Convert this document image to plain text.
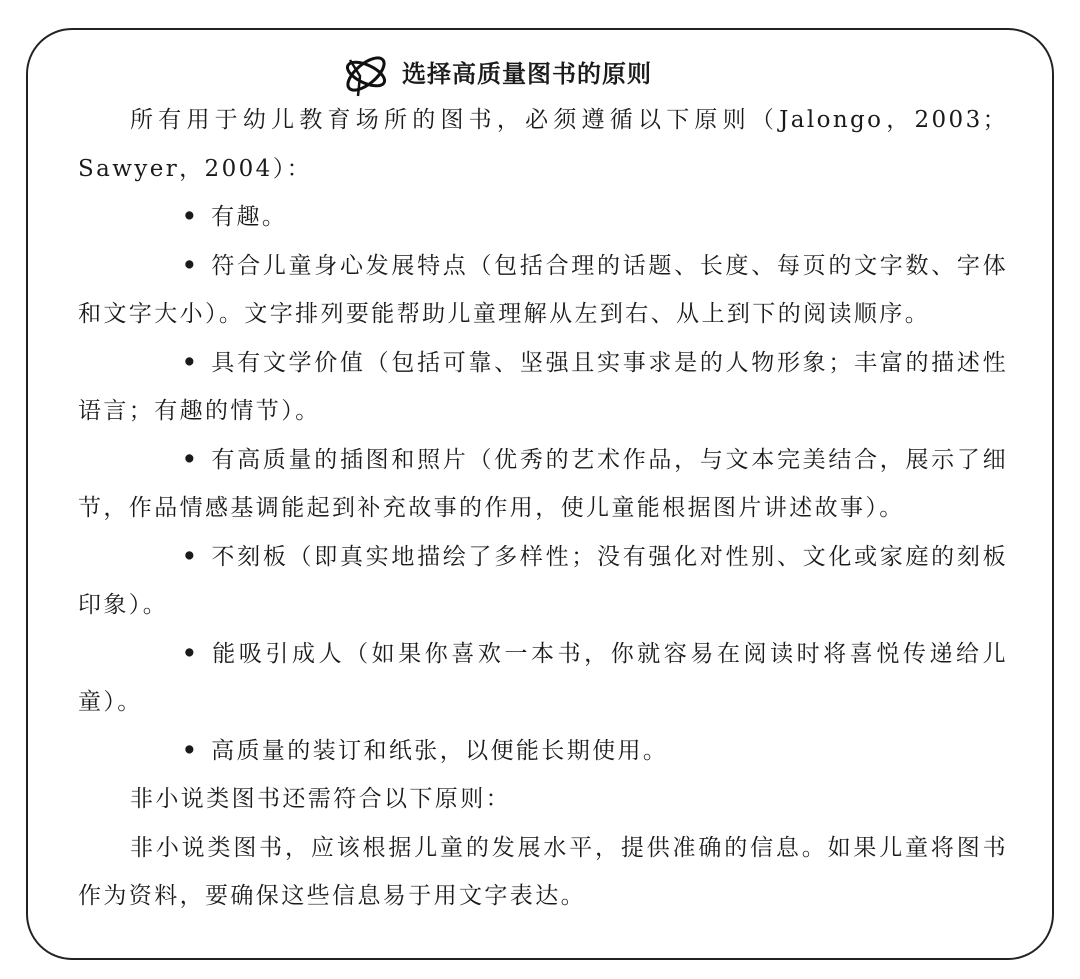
选择高质量图书的原则

所有用于幼儿教育场所的图书，必须遵循以下原则（Jalongo，2003；Sawyer，2004）：

• 有趣。

• 符合儿童身心发展特点（包括合理的话题、长度、每页的文字数、字体和文字大小）。文字排列要能帮助儿童理解从左到右、从上到下的阅读顺序。

• 具有文学价值（包括可靠、坚强且实事求是的人物形象；丰富的描述性语言；有趣的情节）。

• 有高质量的插图和照片（优秀的艺术作品，与文本完美结合，展示了细节，作品情感基调能起到补充故事的作用，使儿童能根据图片讲述故事）。

• 不刻板（即真实地描绘了多样性；没有强化对性别、文化或家庭的刻板印象）。

• 能吸引成人（如果你喜欢一本书，你就容易在阅读时将喜悦传递给儿童）。

• 高质量的装订和纸张，以便能长期使用。

非小说类图书还需符合以下原则：

非小说类图书，应该根据儿童的发展水平，提供准确的信息。如果儿童将图书作为资料，要确保这些信息易于用文字表达。
